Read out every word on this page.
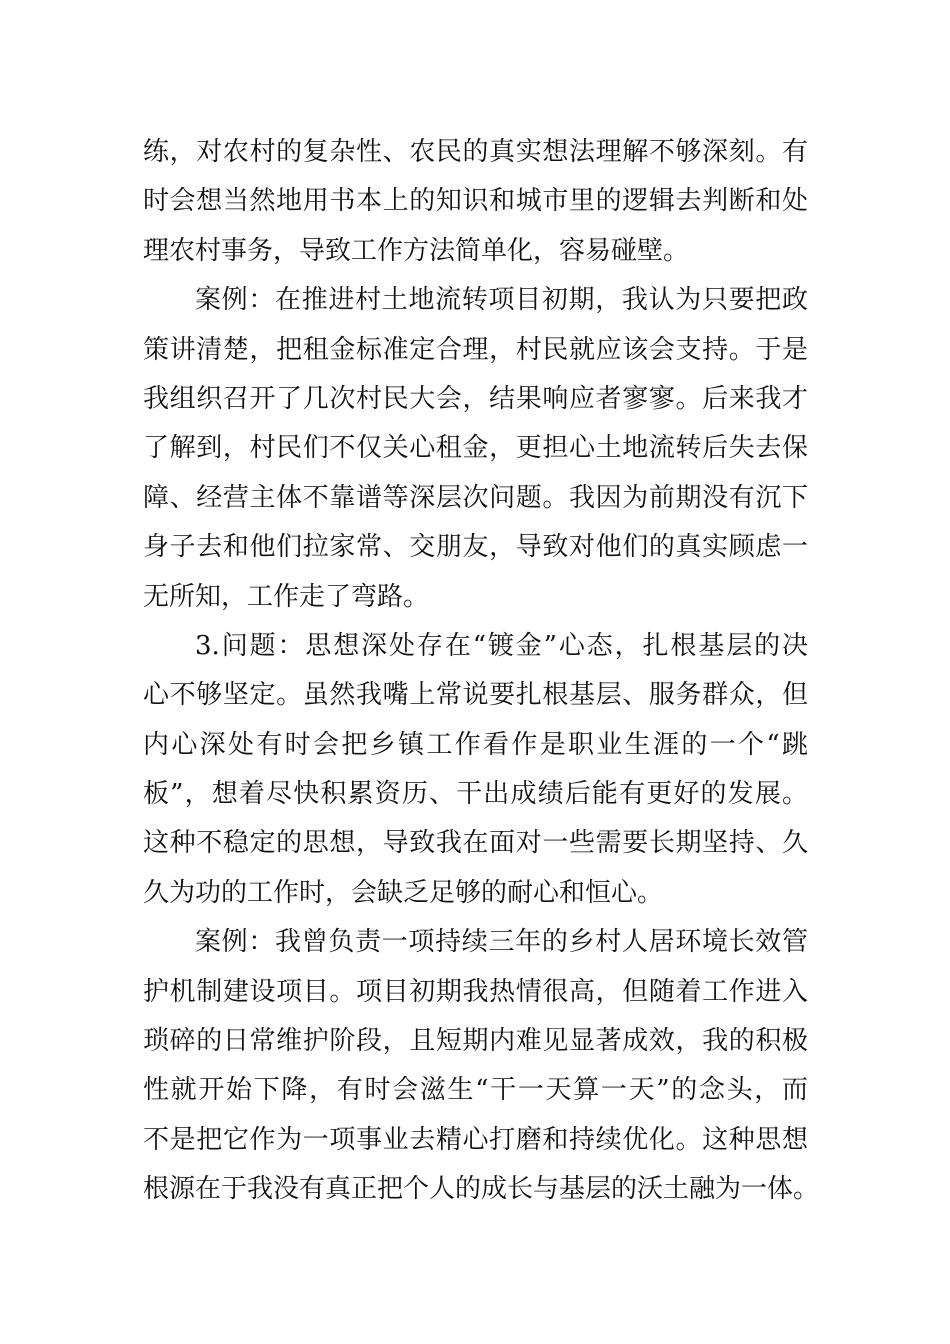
练，对农村的复杂性、农民的真实想法理解不够深刻。有
时会想当然地用书本上的知识和城市里的逻辑去判断和处
理农村事务，导致工作方法简单化，容易碰壁。
案例：在推进村土地流转项目初期，我认为只要把政
策讲清楚，把租金标准定合理，村民就应该会支持。于是
我组织召开了几次村民大会，结果响应者寥寥。后来我才
了解到，村民们不仅关心租金，更担心土地流转后失去保
障、经营主体不靠谱等深层次问题。我因为前期没有沉下
身子去和他们拉家常、交朋友，导致对他们的真实顾虑一
无所知，工作走了弯路。
3.问题：思想深处存在“镀金”心态，扎根基层的决
心不够坚定。虽然我嘴上常说要扎根基层、服务群众，但
内心深处有时会把乡镇工作看作是职业生涯的一个“跳
板”，想着尽快积累资历、干出成绩后能有更好的发展。
这种不稳定的思想，导致我在面对一些需要长期坚持、久
久为功的工作时，会缺乏足够的耐心和恒心。
案例：我曾负责一项持续三年的乡村人居环境长效管
护机制建设项目。项目初期我热情很高，但随着工作进入
琐碎的日常维护阶段，且短期内难见显著成效，我的积极
性就开始下降，有时会滋生“干一天算一天”的念头，而
不是把它作为一项事业去精心打磨和持续优化。这种思想
根源在于我没有真正把个人的成长与基层的沃土融为一体。
